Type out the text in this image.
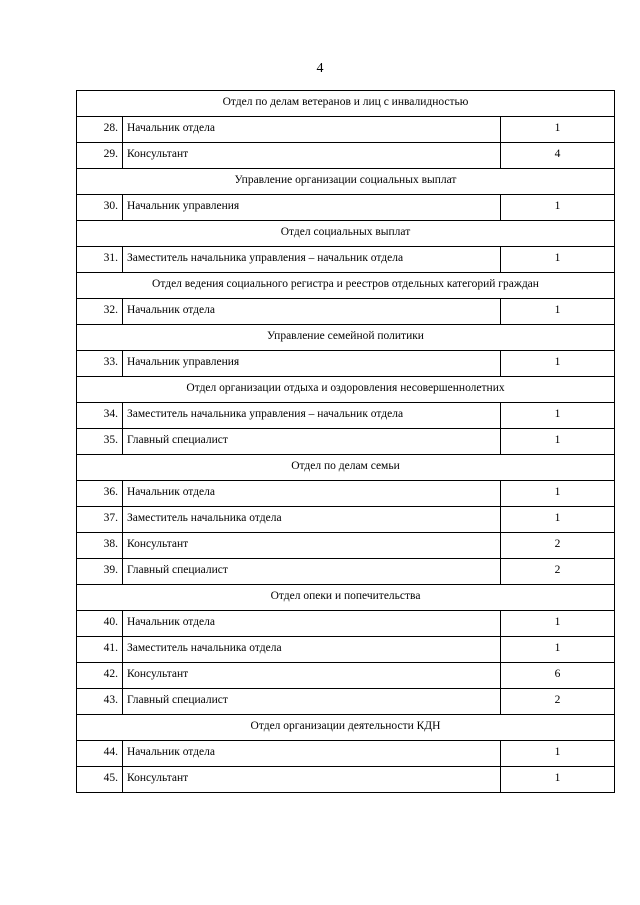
4
Отдел по делам ветеранов и лиц с инвалидностью		
28.	Начальник отдела	1
29.	Консультант	4
Управление организации социальных выплат		
30.	Начальник управления	1
Отдел социальных выплат		
31.	Заместитель начальника управления – начальник отдела	1
Отдел ведения социального регистра и реестров отдельных категорий граждан		
32.	Начальник отдела	1
Управление семейной политики		
33.	Начальник управления	1
Отдел организации отдыха и оздоровления несовершеннолетних		
34.	Заместитель начальника управления – начальник отдела	1
35.	Главный специалист	1
Отдел по делам семьи		
36.	Начальник отдела	1
37.	Заместитель начальника отдела	1
38.	Консультант	2
39.	Главный специалист	2
Отдел опеки и попечительства		
40.	Начальник отдела	1
41.	Заместитель начальника отдела	1
42.	Консультант	6
43.	Главный специалист	2
Отдел организации деятельности КДН		
44.	Начальник отдела	1
45.	Консультант	1
